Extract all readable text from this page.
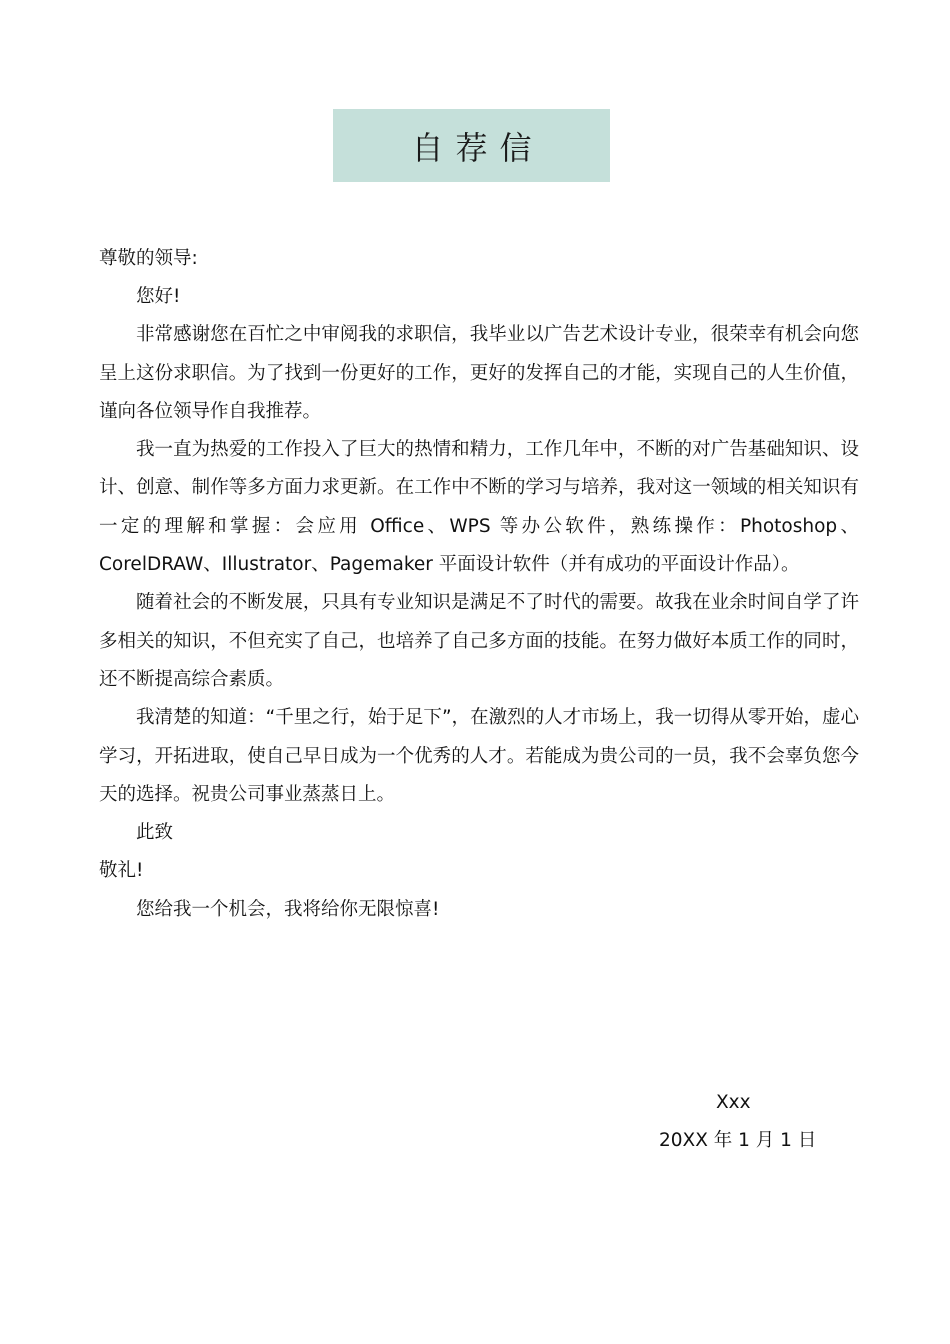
自荐信
尊敬的领导:

您好!

非常感谢您在百忙之中审阅我的求职信，我毕业以广告艺术设计专业，很荣幸有机会向您呈上这份求职信。为了找到一份更好的工作，更好的发挥自己的才能，实现自己的人生价值，谨向各位领导作自我推荐。

我一直为热爱的工作投入了巨大的热情和精力，工作几年中，不断的对广告基础知识、设计、创意、制作等多方面力求更新。在工作中不断的学习与培养，我对这一领域的相关知识有一定的理解和掌握：会应用 Office、WPS 等办公软件，熟练操作：Photoshop、CorelDRAW、Illustrator、Pagemaker 平面设计软件（并有成功的平面设计作品）。

随着社会的不断发展，只具有专业知识是满足不了时代的需要。故我在业余时间自学了许多相关的知识，不但充实了自己，也培养了自己多方面的技能。在努力做好本质工作的同时，还不断提高综合素质。

我清楚的知道：“千里之行，始于足下”，在激烈的人才市场上，我一切得从零开始，虚心学习，开拓进取，使自己早日成为一个优秀的人才。若能成为贵公司的一员，我不会辜负您今天的选择。祝贵公司事业蒸蒸日上。

此致

敬礼!

您给我一个机会，我将给你无限惊喜!

Xxx
20XX 年 1 月 1 日
